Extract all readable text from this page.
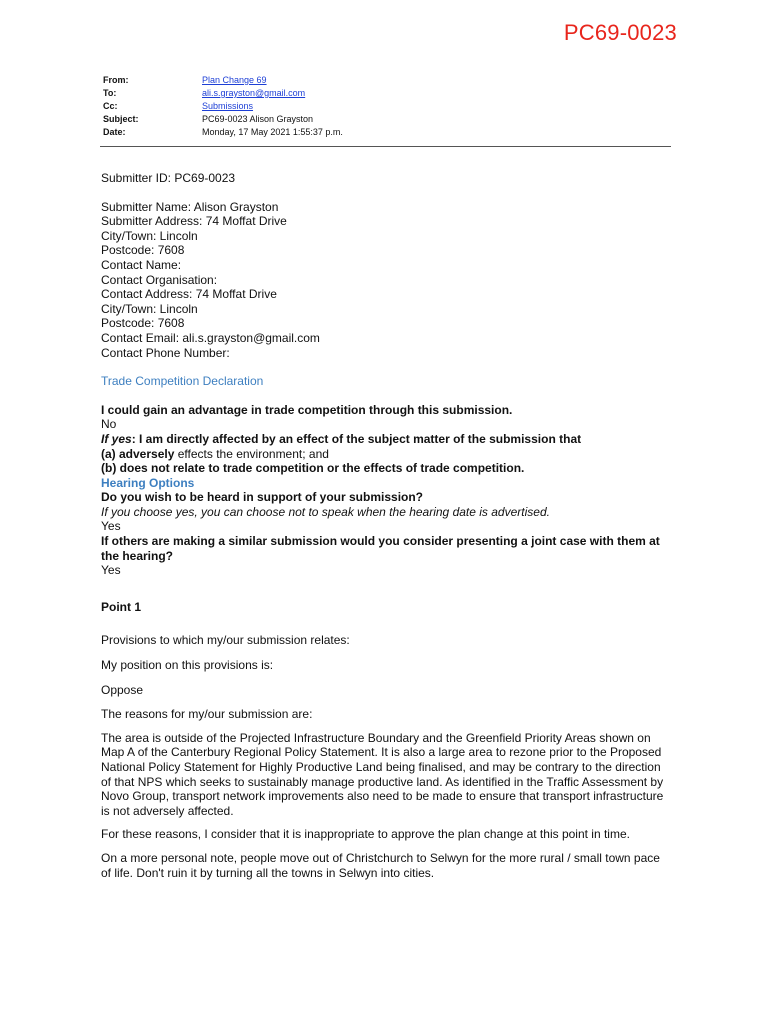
PC69-0023
From:	Plan Change 69
To:	ali.s.grayston@gmail.com
Cc:	Submissions
Subject:	PC69-0023 Alison Grayston
Date:	Monday, 17 May 2021 1:55:37 p.m.

Submitter ID: PC69-0023

Submitter Name: Alison Grayston

Submitter Address: 74 Moffat Drive

City/Town: Lincoln

Postcode: 7608

Contact Name:

Contact Organisation:

Contact Address: 74 Moffat Drive

City/Town: Lincoln

Postcode: 7608

Contact Email: ali.s.grayston@gmail.com

Contact Phone Number:

Trade Competition Declaration

I could gain an advantage in trade competition through this submission.

No

If yes: I am directly affected by an effect of the subject matter of the submission that

(a) adversely effects the environment; and

(b) does not relate to trade competition or the effects of trade competition.

Hearing Options

Do you wish to be heard in support of your submission?

If you choose yes, you can choose not to speak when the hearing date is advertised.

Yes

If others are making a similar submission would you consider presenting a joint case with them at the hearing?

Yes

Point 1

Provisions to which my/our submission relates:

My position on this provisions is:

Oppose

The reasons for my/our submission are:

The area is outside of the Projected Infrastructure Boundary and the Greenfield Priority Areas shown on Map A of the Canterbury Regional Policy Statement. It is also a large area to rezone prior to the Proposed National Policy Statement for Highly Productive Land being finalised, and may be contrary to the direction of that NPS which seeks to sustainably manage productive land. As identified in the Traffic Assessment by Novo Group, transport network improvements also need to be made to ensure that transport infrastructure is not adversely affected.

For these reasons, I consider that it is inappropriate to approve the plan change at this point in time.

On a more personal note, people move out of Christchurch to Selwyn for the more rural / small town pace of life. Don't ruin it by turning all the towns in Selwyn into cities.
